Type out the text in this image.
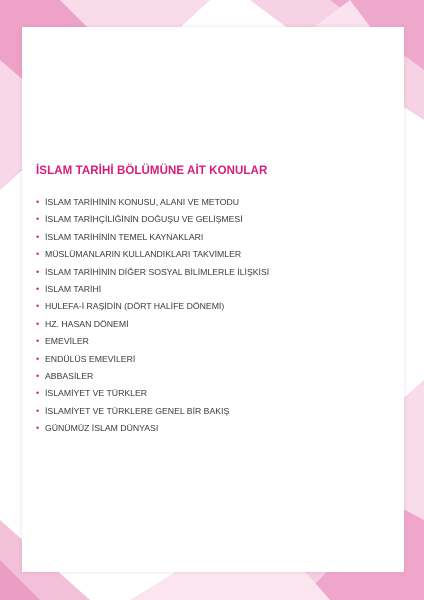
İSLAM TARİHİ BÖLÜMÜNE AİT KONULAR
• İSLAM TARİHİNİN KONUSU, ALANI VE METODU
• İSLAM TARİHÇİLİĞİNİN DOĞUŞU VE GELİŞMESİ
• İSLAM TARİHİNİN TEMEL KAYNAKLARI
• MÜSLÜMANLARIN KULLANDIKLARI TAKVİMLER
• İSLAM TARİHİNİN DİĞER SOSYAL BİLİMLERLE İLİŞKİSİ
• İSLAM TARİHİ
• HULEFA-İ RAŞİDİN (DÖRT HALİFE DÖNEMİ)
• HZ. HASAN DÖNEMİ
• EMEVİLER
• ENDÜLÜS EMEVİLERİ
• ABBASİLER
• İSLAMİYET VE TÜRKLER
• İSLAMİYET VE TÜRKLERE GENEL BİR BAKIŞ
• GÜNÜMÜZ İSLAM DÜNYASI
